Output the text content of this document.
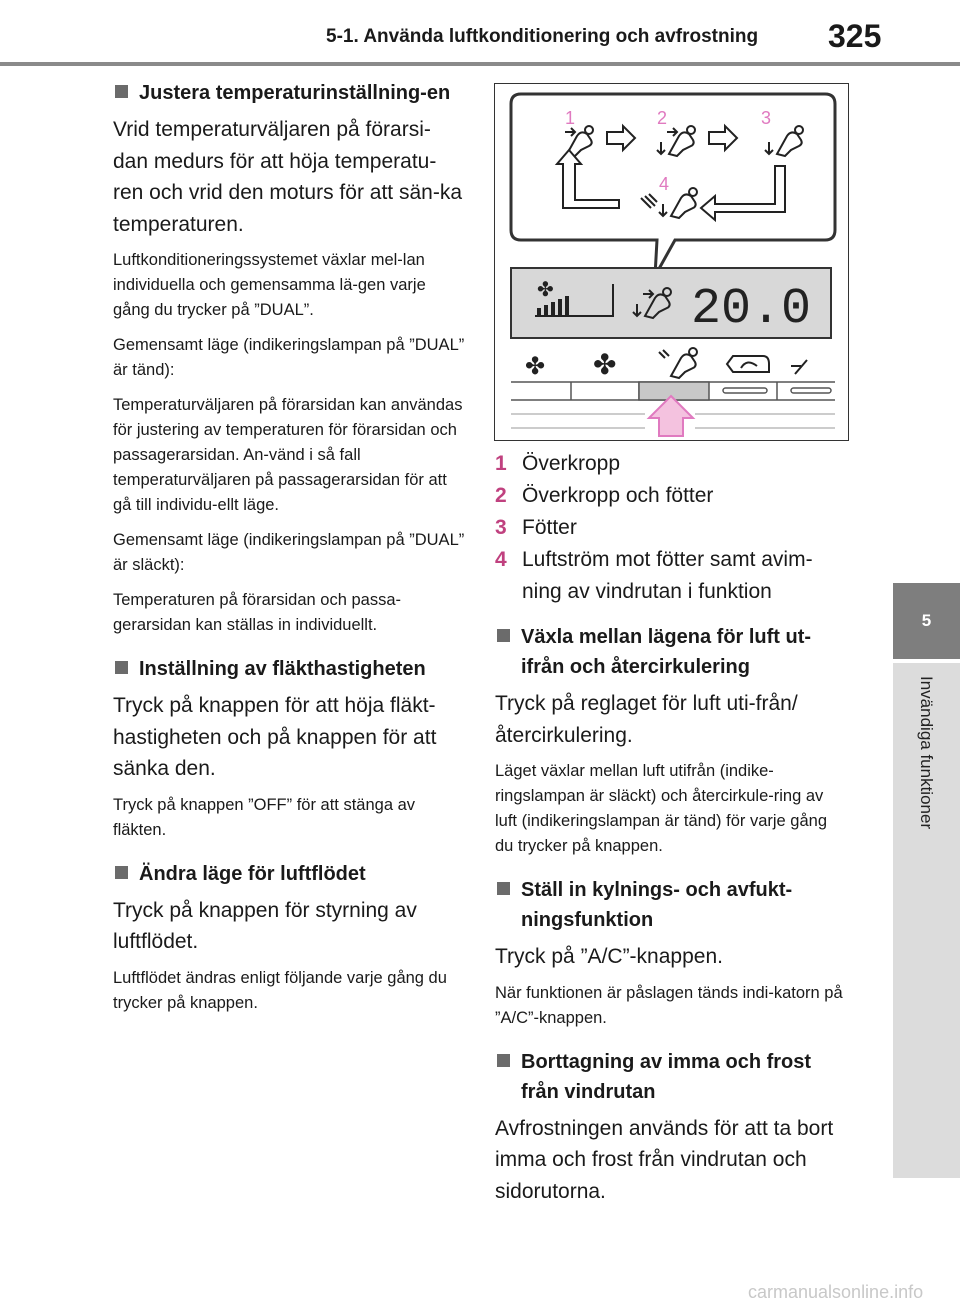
5-1. Använda luftkonditionering och avfrostning 325
5
Invändiga funktioner
Justera temperaturinställning-en

Vrid temperaturväljaren på förarsi-dan medurs för att höja temperatu-ren och vrid den moturs för att sän-ka temperaturen.

Luftkonditioneringssystemet växlar mel-lan individuella och gemensamma lä-gen varje gång du trycker på ”DUAL”.

Gemensamt läge (indikeringslampan på ”DUAL” är tänd):

Temperaturväljaren på förarsidan kan användas för justering av temperaturen för förarsidan och passagerarsidan. An-vänd i så fall temperaturväljaren på passagerarsidan för att gå till individu-ellt läge.

Gemensamt läge (indikeringslampan på ”DUAL” är släckt):

Temperaturen på förarsidan och passa-gerarsidan kan ställas in individuellt.

Inställning av fläkthastigheten

Tryck på knappen för att höja fläkt-hastigheten och på knappen för att sänka den.

Tryck på knappen ”OFF” för att stänga av fläkten.

Ändra läge för luftflödet

Tryck på knappen för styrning av luftflödet.

Luftflödet ändras enligt följande varje gång du trycker på knappen.

1	2	3
4
✤	20.0
✤ ✤
1 Överkropp
2 Överkropp och fötter
3 Fötter
4 Luftström mot fötter samt avim-ning av vindrutan i funktion
Växla mellan lägena för luft ut-ifrån och återcirkulering

Tryck på reglaget för luft uti-från/återcirkulering.

Läget växlar mellan luft utifrån (indike-ringslampan är släckt) och återcirkule-ring av luft (indikeringslampan är tänd) för varje gång du trycker på knappen.

Ställ in kylnings- och avfukt-ningsfunktion

Tryck på ”A/C”-knappen.

När funktionen är påslagen tänds indi-katorn på ”A/C”-knappen.

Borttagning av imma och frost från vindrutan

Avfrostningen används för att ta bort imma och frost från vindrutan och sidorutorna.

carmanualsonline.info
